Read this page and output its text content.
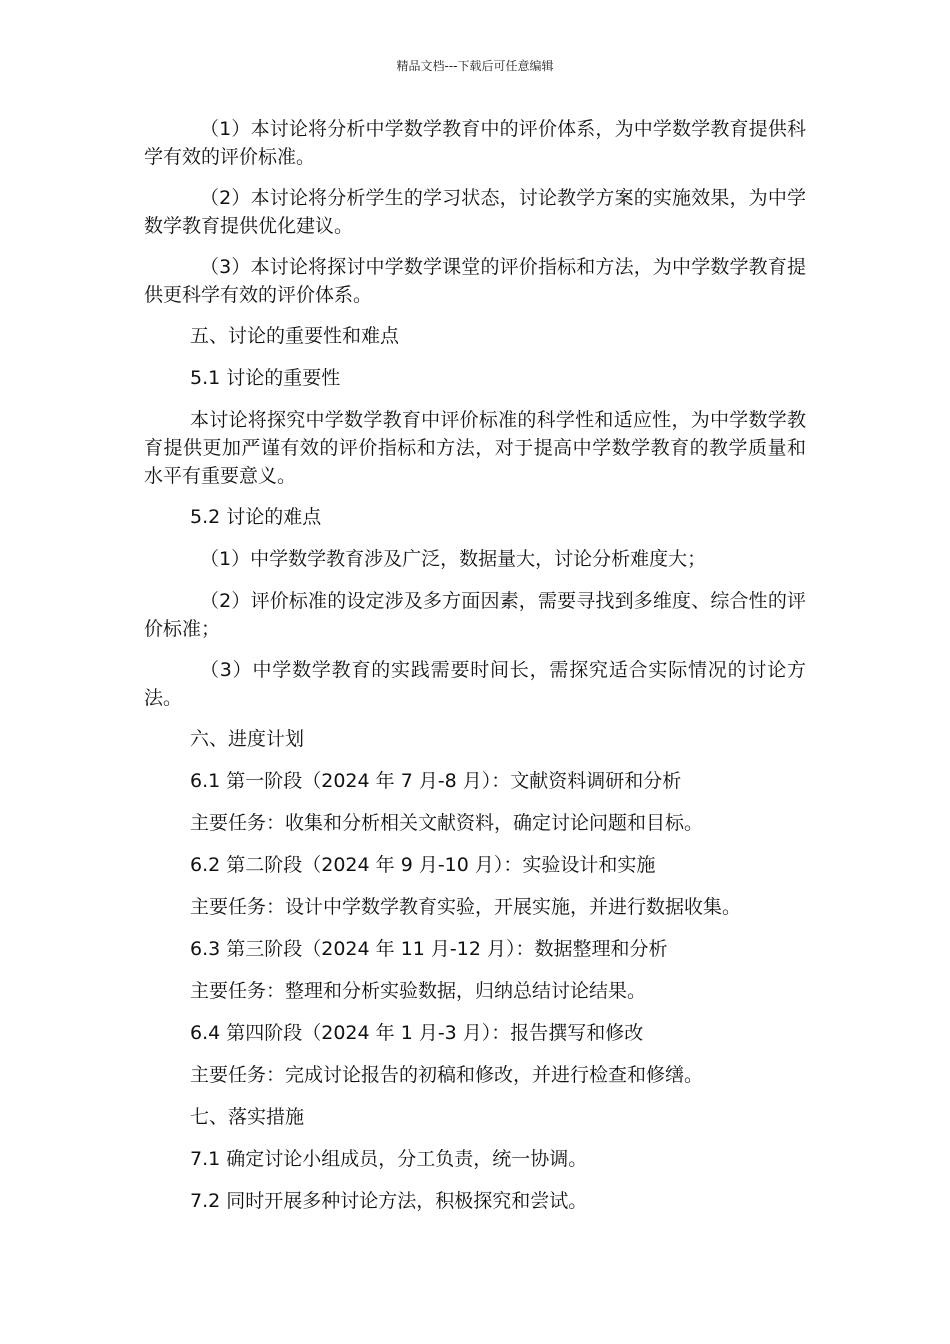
精品文档---下载后可任意编辑

（1）本讨论将分析中学数学教育中的评价体系，为中学数学教育提供科学有效的评价标准。

（2）本讨论将分析学生的学习状态，讨论教学方案的实施效果，为中学数学教育提供优化建议。

（3）本讨论将探讨中学数学课堂的评价指标和方法，为中学数学教育提供更科学有效的评价体系。

五、讨论的重要性和难点
5.1 讨论的重要性

本讨论将探究中学数学教育中评价标准的科学性和适应性，为中学数学教育提供更加严谨有效的评价指标和方法，对于提高中学数学教育的教学质量和水平有重要意义。

5.2 讨论的难点
（1）中学数学教育涉及广泛，数据量大，讨论分析难度大；

（2）评价标准的设定涉及多方面因素，需要寻找到多维度、综合性的评价标准；

（3）中学数学教育的实践需要时间长，需探究适合实际情况的讨论方法。

六、进度计划
6.1 第一阶段（2024 年 7 月-8 月）：文献资料调研和分析
主要任务：收集和分析相关文献资料，确定讨论问题和目标。
6.2 第二阶段（2024 年 9 月-10 月）：实验设计和实施
主要任务：设计中学数学教育实验，开展实施，并进行数据收集。
6.3 第三阶段（2024 年 11 月-12 月）：数据整理和分析
主要任务：整理和分析实验数据，归纳总结讨论结果。
6.4 第四阶段（2024 年 1 月-3 月）：报告撰写和修改
主要任务：完成讨论报告的初稿和修改，并进行检查和修缮。
七、落实措施
7.1 确定讨论小组成员，分工负责，统一协调。
7.2 同时开展多种讨论方法，积极探究和尝试。
